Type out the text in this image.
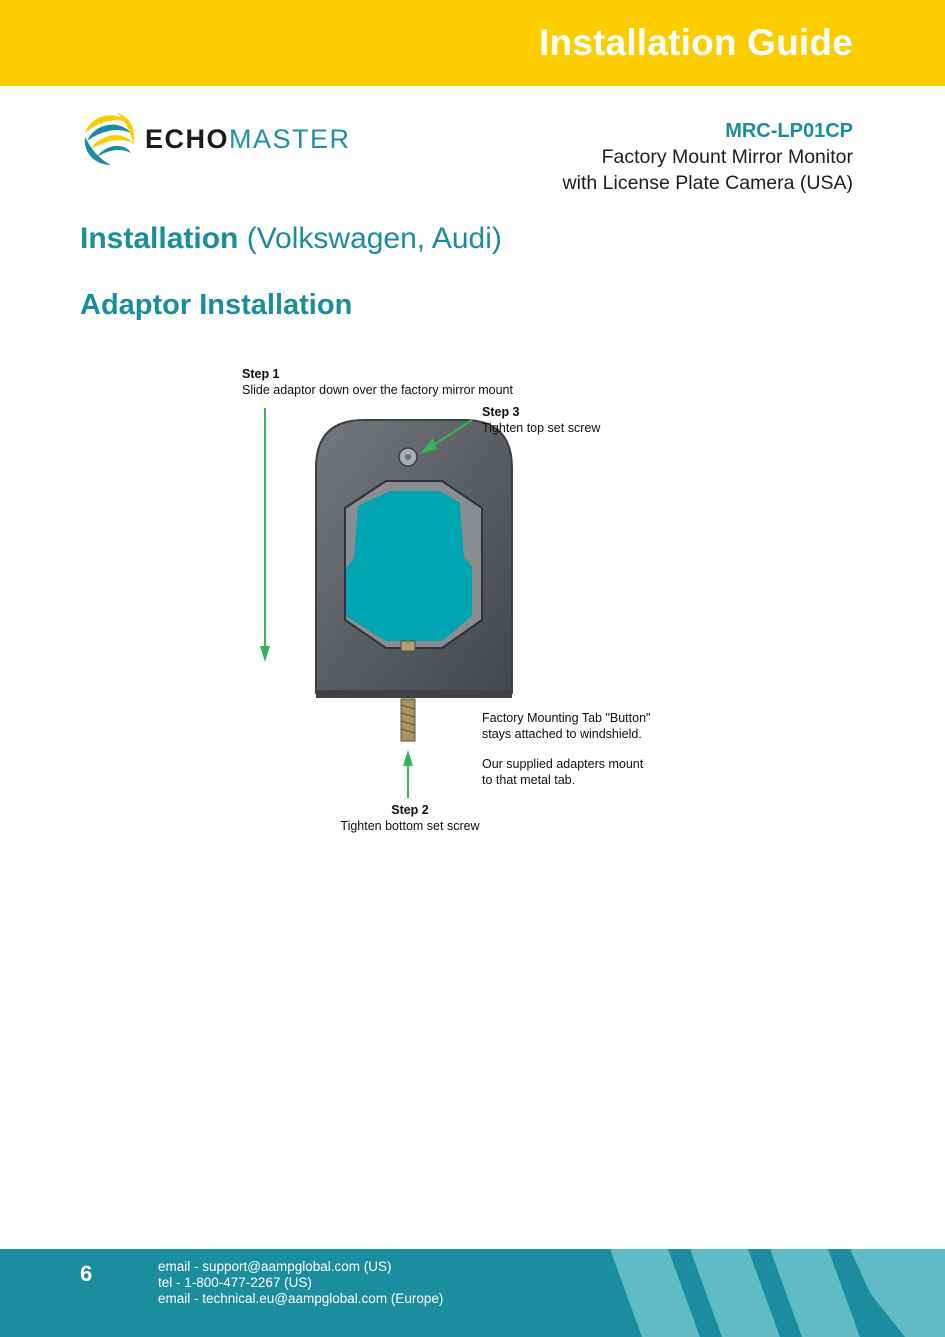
Installation Guide
ECHOMASTER	MRC-LP01CP
Factory Mount Mirror Monitor
with License Plate Camera (USA)
Installation (Volkswagen, Audi)
Adaptor Installation
Step 1
Slide adaptor down over the factory mirror mount
Step 3
Tighten top set screw
Factory Mounting Tab "Button"
stays attached to windshield.
Our supplied adapters mount
to that metal tab.
Step 2
Tighten bottom set screw
6	email - support@aampglobal.com (US)
tel - 1-800-477-2267 (US)
email - technical.eu@aampglobal.com (Europe)
